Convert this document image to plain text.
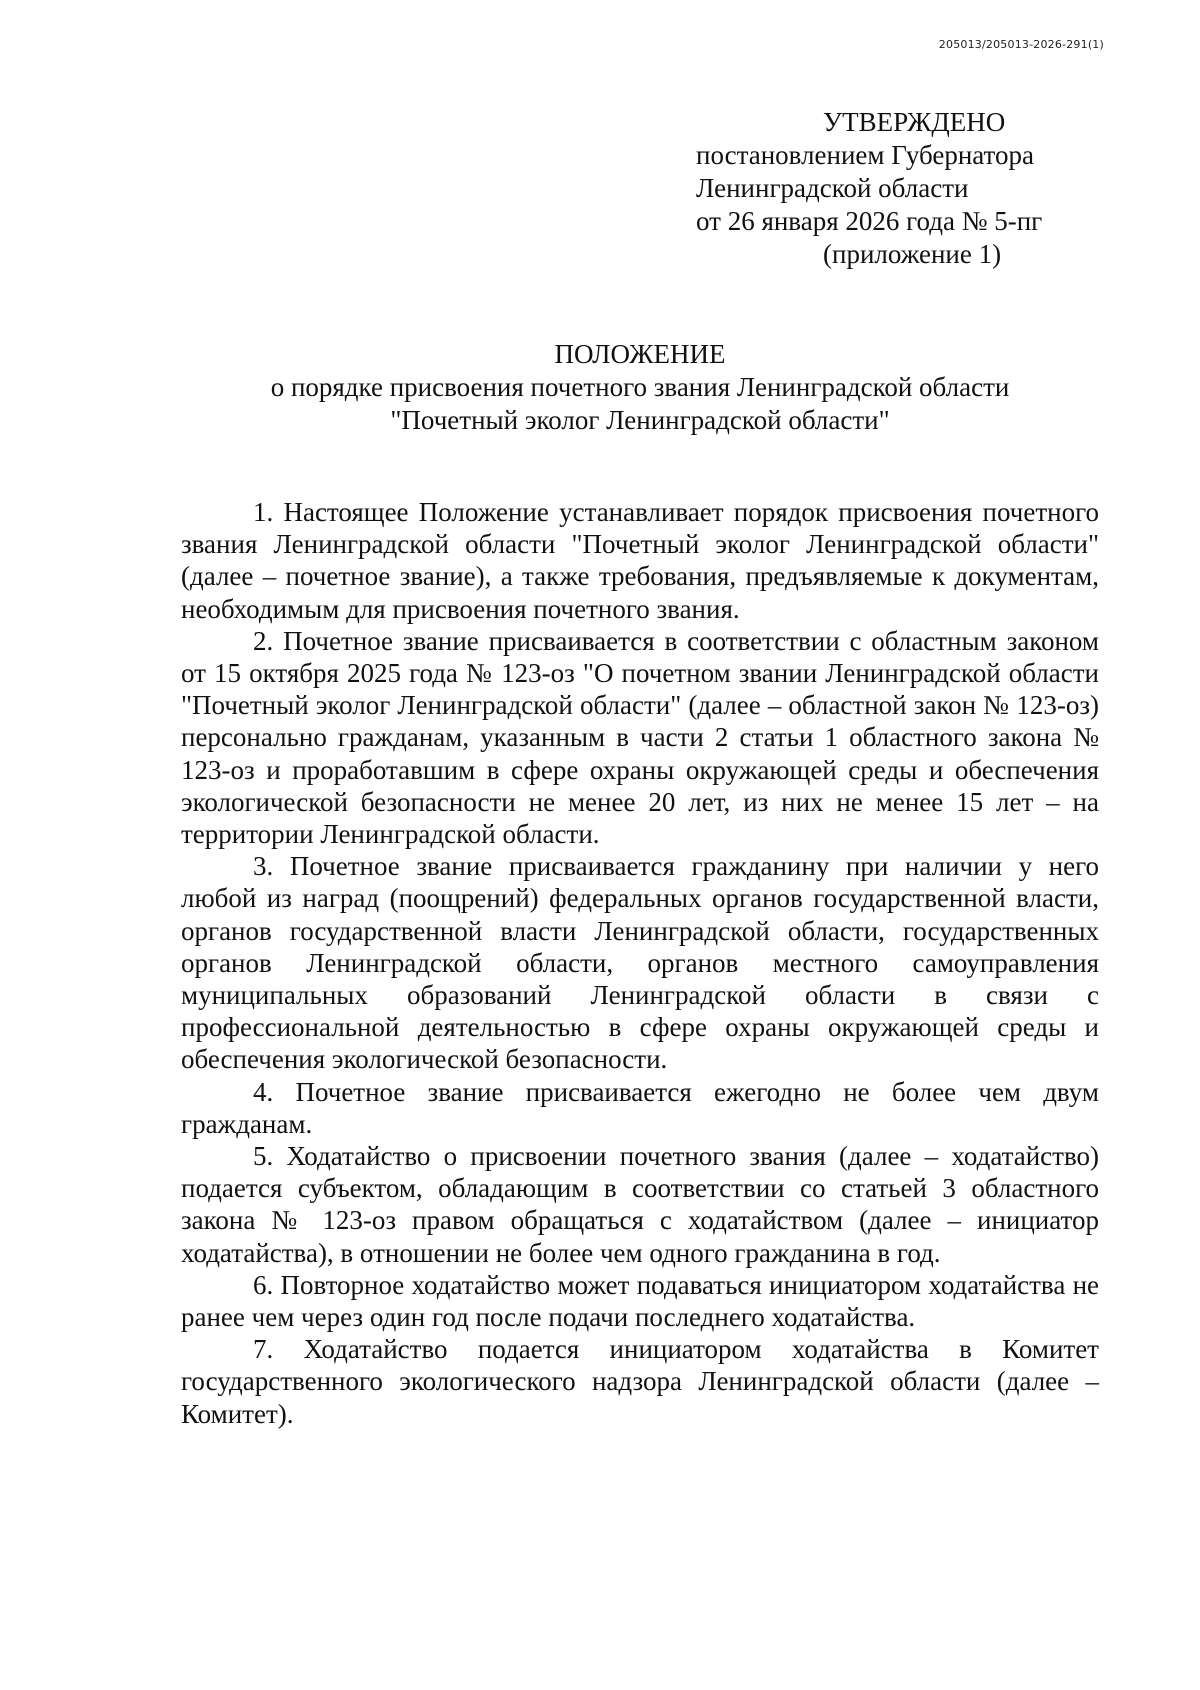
205013/205013-2026-291(1)
УТВЕРЖДЕНО
постановлением Губернатора
Ленинградской области
от 26 января 2026 года № 5-пг
(приложение 1)
ПОЛОЖЕНИЕ
о порядке присвоения почетного звания Ленинградской области
"Почетный эколог Ленинградской области"

1. Настоящее Положение устанавливает порядок присвоения почетного звания Ленинградской области "Почетный эколог Ленинградской области" (далее – почетное звание), а также требования, предъявляемые к документам, необходимым для присвоения почетного звания.

2. Почетное звание присваивается в соответствии с областным законом от 15 октября 2025 года № 123-оз "О почетном звании Ленинградской области "Почетный эколог Ленинградской области" (далее – областной закон № 123-оз) персонально гражданам, указанным в части 2 статьи 1 областного закона № 123-оз и проработавшим в сфере охраны окружающей среды и обеспечения экологической безопасности не менее 20 лет, из них не менее 15 лет – на территории Ленинградской области.

3. Почетное звание присваивается гражданину при наличии у него любой из наград (поощрений) федеральных органов государственной власти, органов государственной власти Ленинградской области, государственных органов Ленинградской области, органов местного самоуправления муниципальных образований Ленинградской области в связи с профессиональной деятельностью в сфере охраны окружающей среды и обеспечения экологической безопасности.

4. Почетное звание присваивается ежегодно не более чем двум гражданам.

5. Ходатайство о присвоении почетного звания (далее – ходатайство) подается субъектом, обладающим в соответствии со статьей 3 областного закона № 123-оз правом обращаться с ходатайством (далее – инициатор ходатайства), в отношении не более чем одного гражданина в год.

6. Повторное ходатайство может подаваться инициатором ходатайства не ранее чем через один год после подачи последнего ходатайства.

7. Ходатайство подается инициатором ходатайства в Комитет государственного экологического надзора Ленинградской области (далее – Комитет).
